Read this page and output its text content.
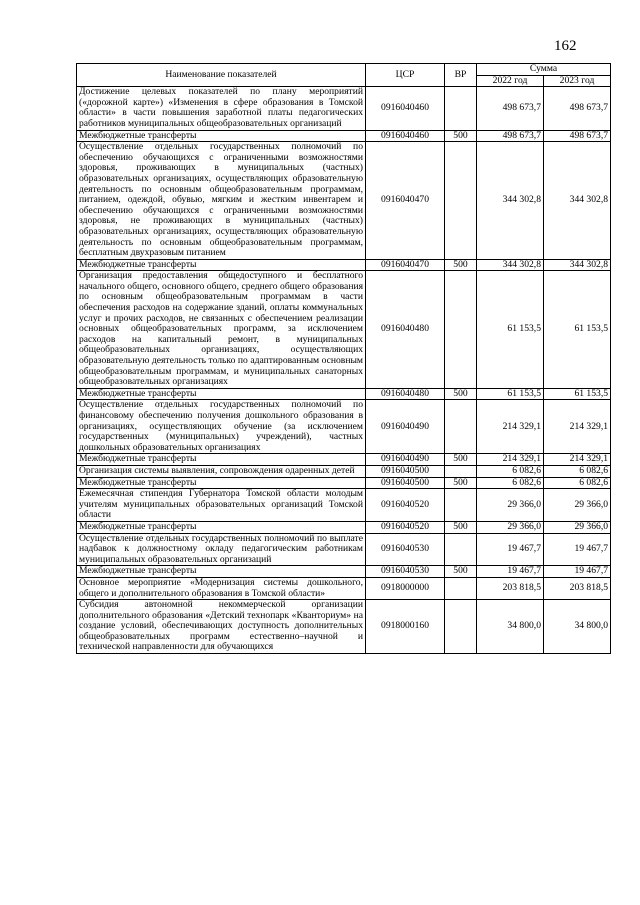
162
Наименование показателей	ЦСР	ВР	Сумма	
			2022 год	2023 год
Достижение целевых показателей по плану мероприятий («дорожной карте») «Изменения в сфере образования в Томской области» в части повышения заработной платы педагогических работников муниципальных общеобразовательных организаций	0916040460		498 673,7	498 673,7
Межбюджетные трансферты	0916040460	500	498 673,7	498 673,7
Осуществление отдельных государственных полномочий по обеспечению обучающихся с ограниченными возможностями здоровья, проживающих в муниципальных (частных) образовательных организациях, осуществляющих образовательную деятельность по основным общеобразовательным программам, питанием, одеждой, обувью, мягким и жестким инвентарем и обеспечению обучающихся с ограниченными возможностями здоровья, не проживающих в муниципальных (частных) образовательных организациях, осуществляющих образовательную деятельность по основным общеобразовательным программам, бесплатным двухразовым питанием	0916040470		344 302,8	344 302,8
Межбюджетные трансферты	0916040470	500	344 302,8	344 302,8
Организация предоставления общедоступного и бесплатного начального общего, основного общего, среднего общего образования по основным общеобразовательным программам в части обеспечения расходов на содержание зданий, оплаты коммунальных услуг и прочих расходов, не связанных с обеспечением реализации основных общеобразовательных программ, за исключением расходов на капитальный ремонт, в муниципальных общеобразовательных организациях, осуществляющих образовательную деятельность только по адаптированным основным общеобразовательным программам, и муниципальных санаторных общеобразовательных организациях	0916040480		61 153,5	61 153,5
Межбюджетные трансферты	0916040480	500	61 153,5	61 153,5
Осуществление отдельных государственных полномочий по финансовому обеспечению получения дошкольного образования в организациях, осуществляющих обучение (за исключением государственных (муниципальных) учреждений), частных дошкольных образовательных организациях	0916040490		214 329,1	214 329,1
Межбюджетные трансферты	0916040490	500	214 329,1	214 329,1
Организация системы выявления, сопровождения одаренных детей	0916040500		6 082,6	6 082,6
Межбюджетные трансферты	0916040500	500	6 082,6	6 082,6
Ежемесячная стипендия Губернатора Томской области молодым учителям муниципальных образовательных организаций Томской области	0916040520		29 366,0	29 366,0
Межбюджетные трансферты	0916040520	500	29 366,0	29 366,0
Осуществление отдельных государственных полномочий по выплате надбавок к должностному окладу педагогическим работникам муниципальных образовательных организаций	0916040530		19 467,7	19 467,7
Межбюджетные трансферты	0916040530	500	19 467,7	19 467,7
Основное мероприятие «Модернизация системы дошкольного, общего и дополнительного образования в Томской области»	0918000000		203 818,5	203 818,5
Субсидия автономной некоммерческой организации дополнительного образования «Детский технопарк «Кванториум» на создание условий, обеспечивающих доступность дополнительных общеобразовательных программ естественно–научной и технической направленности для обучающихся	0918000160		34 800,0	34 800,0
